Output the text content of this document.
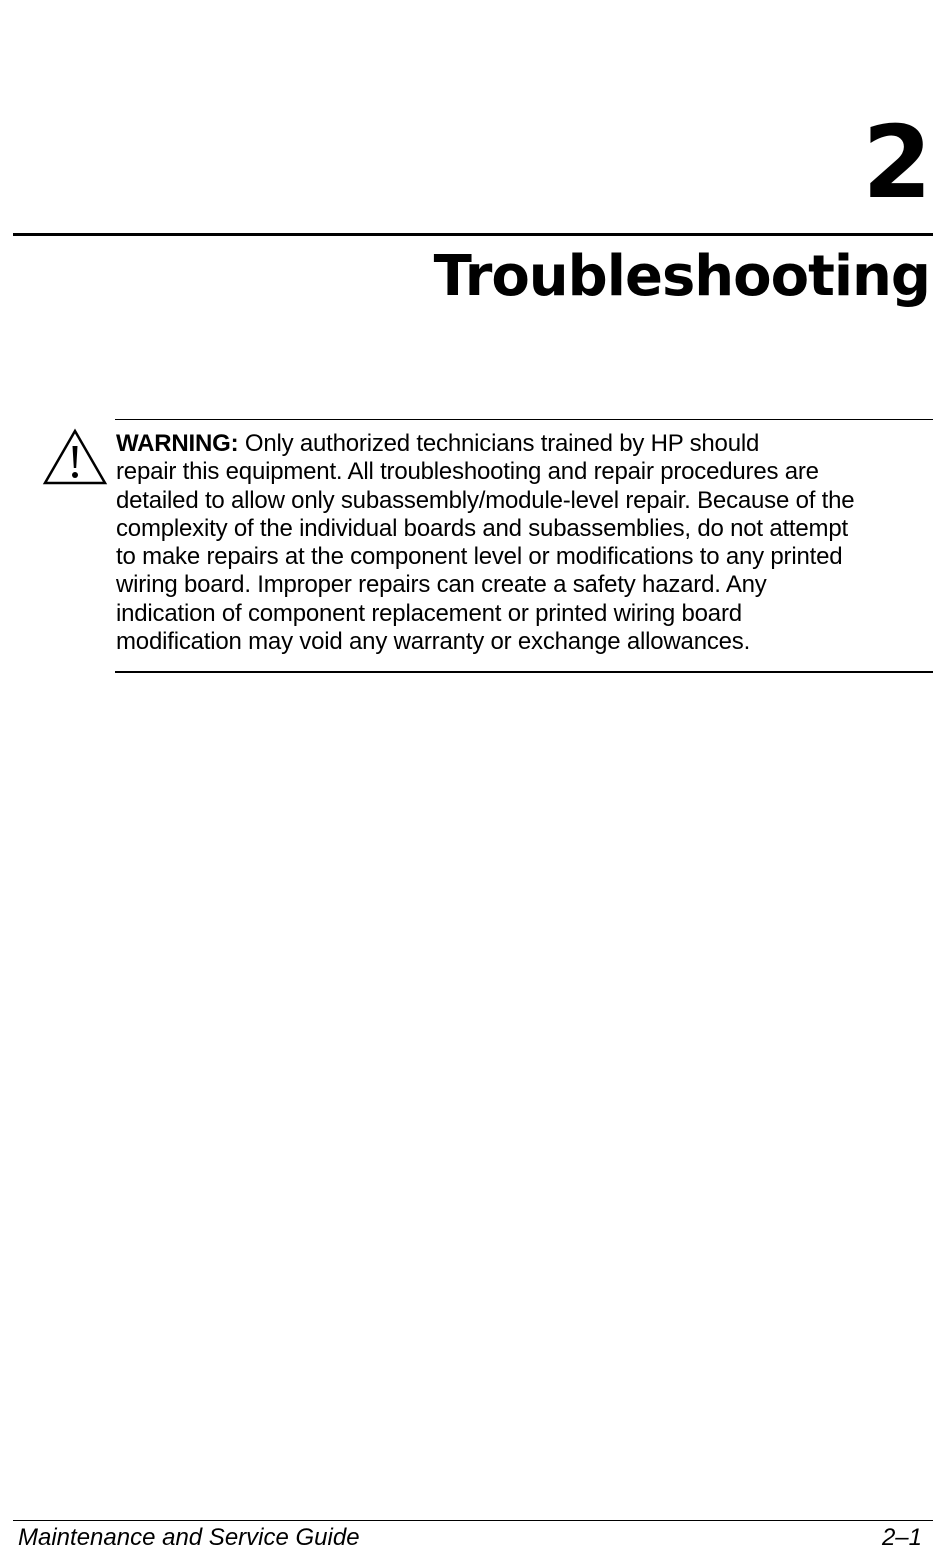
2
Troubleshooting
WARNING: Only authorized technicians trained by HP should
repair this equipment. All troubleshooting and repair procedures are
detailed to allow only subassembly/module-level repair. Because of the
complexity of the individual boards and subassemblies, do not attempt
to make repairs at the component level or modifications to any printed
wiring board. Improper repairs can create a safety hazard. Any
indication of component replacement or printed wiring board
modification may void any warranty or exchange allowances.
Maintenance and Service Guide	2–1
